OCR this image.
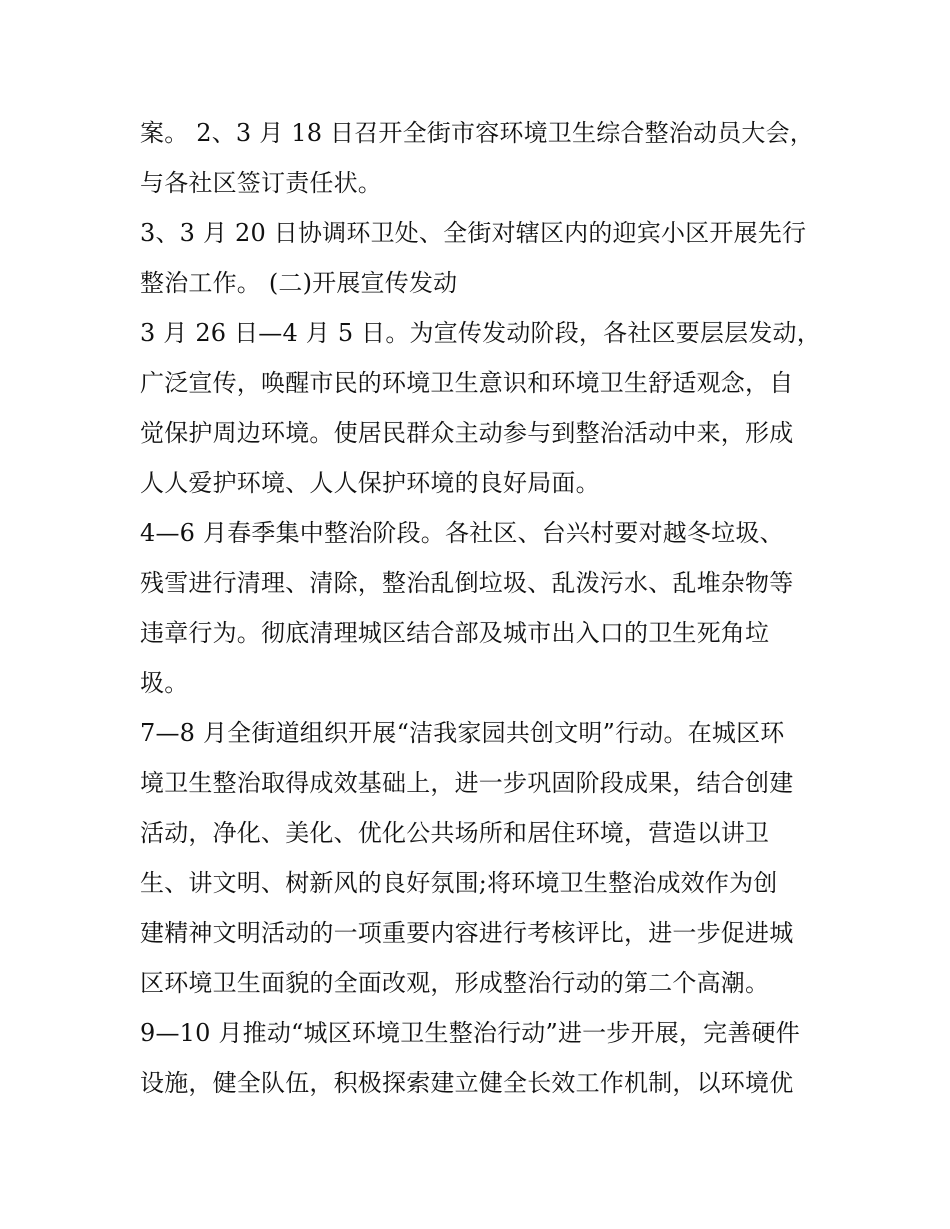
案。 2、3 月 18 日召开全街市容环境卫生综合整治动员大会，
与各社区签订责任状。
3、3 月 20 日协调环卫处、全街对辖区内的迎宾小区开展先行
整治工作。 (二)开展宣传发动
3 月 26 日—4 月 5 日。为宣传发动阶段，各社区要层层发动，
广泛宣传，唤醒市民的环境卫生意识和环境卫生舒适观念，自
觉保护周边环境。使居民群众主动参与到整治活动中来，形成
人人爱护环境、人人保护环境的良好局面。
4—6 月春季集中整治阶段。各社区、台兴村要对越冬垃圾、
残雪进行清理、清除，整治乱倒垃圾、乱泼污水、乱堆杂物等
违章行为。彻底清理城区结合部及城市出入口的卫生死角垃
圾。
7—8 月全街道组织开展“洁我家园共创文明”行动。在城区环
境卫生整治取得成效基础上，进一步巩固阶段成果，结合创建
活动，净化、美化、优化公共场所和居住环境，营造以讲卫
生、讲文明、树新风的良好氛围;将环境卫生整治成效作为创
建精神文明活动的一项重要内容进行考核评比，进一步促进城
区环境卫生面貌的全面改观，形成整治行动的第二个高潮。
9—10 月推动“城区环境卫生整治行动”进一步开展，完善硬件
设施，健全队伍，积极探索建立健全长效工作机制，以环境优
